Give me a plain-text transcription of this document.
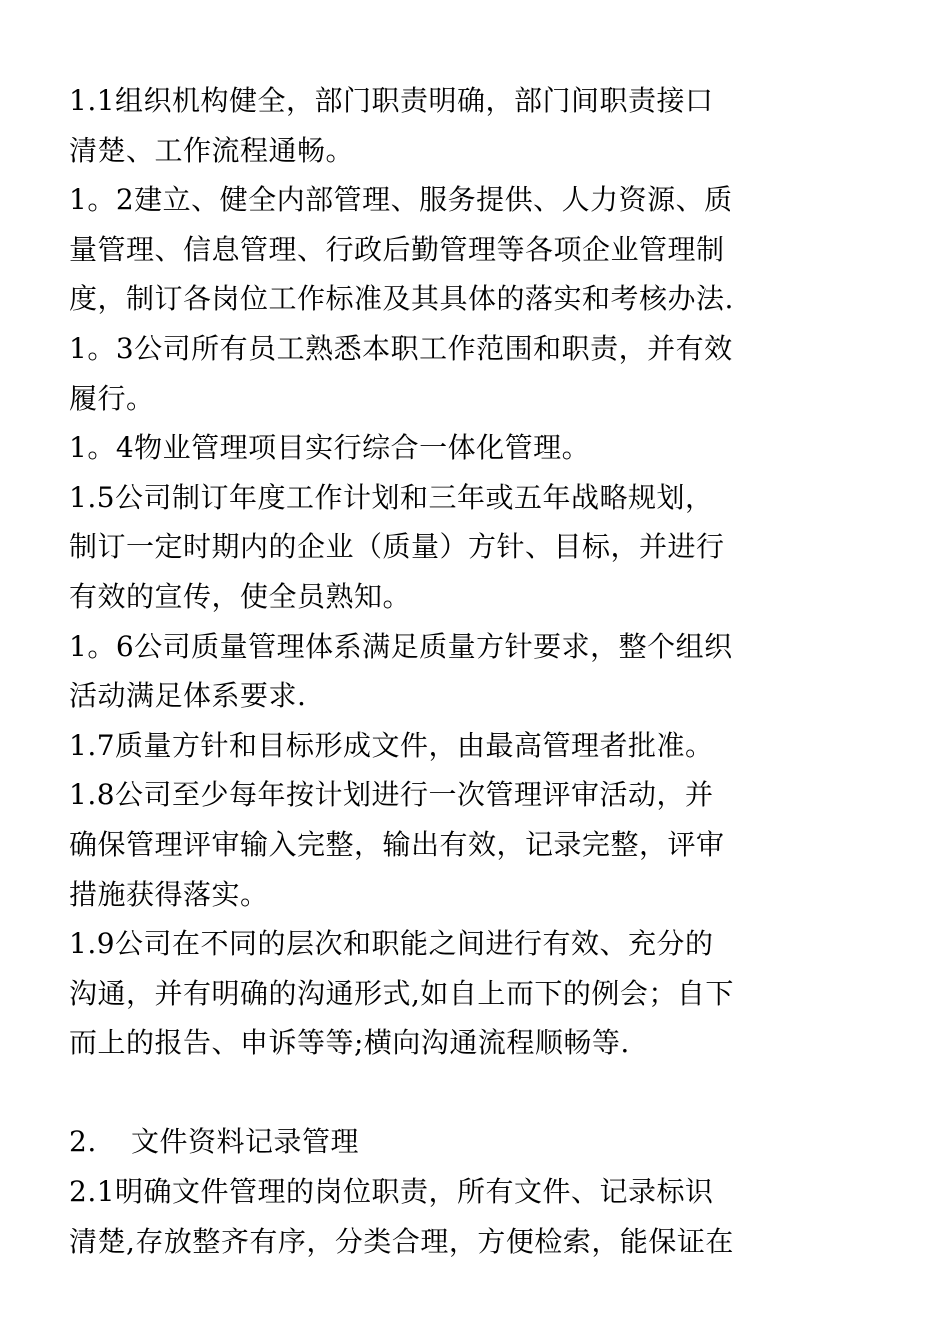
1.1组织机构健全，部门职责明确，部门间职责接口
清楚、工作流程通畅。
1。2建立、健全内部管理、服务提供、人力资源、质
量管理、信息管理、行政后勤管理等各项企业管理制
度，制订各岗位工作标准及其具体的落实和考核办法.
1。3公司所有员工熟悉本职工作范围和职责，并有效
履行。
1。4物业管理项目实行综合一体化管理。
1.5公司制订年度工作计划和三年或五年战略规划，
制订一定时期内的企业（质量）方针、目标，并进行
有效的宣传，使全员熟知。
1。6公司质量管理体系满足质量方针要求，整个组织
活动满足体系要求.
1.7质量方针和目标形成文件，由最高管理者批准。
1.8公司至少每年按计划进行一次管理评审活动，并
确保管理评审输入完整，输出有效，记录完整，评审
措施获得落实。
1.9公司在不同的层次和职能之间进行有效、充分的
沟通，并有明确的沟通形式,如自上而下的例会；自下
而上的报告、申诉等等;横向沟通流程顺畅等.
2. 文件资料记录管理
2.1明确文件管理的岗位职责，所有文件、记录标识
清楚,存放整齐有序，分类合理，方便检索，能保证在
